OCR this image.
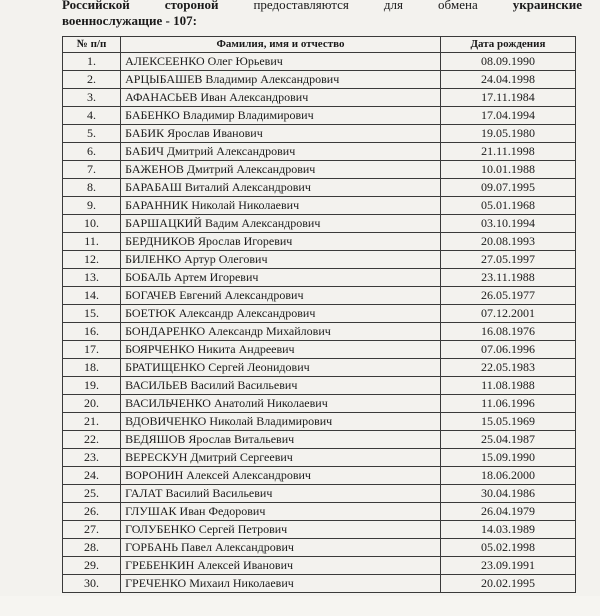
Российской	стороной	предоставляются	для	обмена	украинские
военнослужащие - 107:
№ п/п	Фамилия, имя и отчество	Дата рождения
1.	АЛЕКСЕЕНКО Олег Юрьевич	08.09.1990
2.	АРЦЫБАШЕВ Владимир Александрович	24.04.1998
3.	АФАНАСЬЕВ Иван Александрович	17.11.1984
4.	БАБЕНКО Владимир Владимирович	17.04.1994
5.	БАБИК Ярослав Иванович	19.05.1980
6.	БАБИЧ Дмитрий Александрович	21.11.1998
7.	БАЖЕНОВ Дмитрий Александрович	10.01.1988
8.	БАРАБАШ Виталий Александрович	09.07.1995
9.	БАРАННИК Николай Николаевич	05.01.1968
10.	БАРШАЦКИЙ Вадим Александрович	03.10.1994
11.	БЕРДНИКОВ Ярослав Игоревич	20.08.1993
12.	БИЛЕНКО Артур Олегович	27.05.1997
13.	БОБАЛЬ Артем Игоревич	23.11.1988
14.	БОГАЧЕВ Евгений Александрович	26.05.1977
15.	БОЕТЮК Александр Александрович	07.12.2001
16.	БОНДАРЕНКО Александр Михайлович	16.08.1976
17.	БОЯРЧЕНКО Никита Андреевич	07.06.1996
18.	БРАТИЩЕНКО Сергей Леонидович	22.05.1983
19.	ВАСИЛЬЕВ Василий Васильевич	11.08.1988
20.	ВАСИЛЬЧЕНКО Анатолий Николаевич	11.06.1996
21.	ВДОВИЧЕНКО Николай Владимирович	15.05.1969
22.	ВЕДЯШОВ Ярослав Витальевич	25.04.1987
23.	ВЕРЕСКУН Дмитрий Сергеевич	15.09.1990
24.	ВОРОНИН Алексей Александрович	18.06.2000
25.	ГАЛАТ Василий Васильевич	30.04.1986
26.	ГЛУШАК Иван Федорович	26.04.1979
27.	ГОЛУБЕНКО Сергей Петрович	14.03.1989
28.	ГОРБАНЬ Павел Александрович	05.02.1998
29.	ГРЕБЕНКИН Алексей Иванович	23.09.1991
30.	ГРЕЧЕНКО Михаил Николаевич	20.02.1995
